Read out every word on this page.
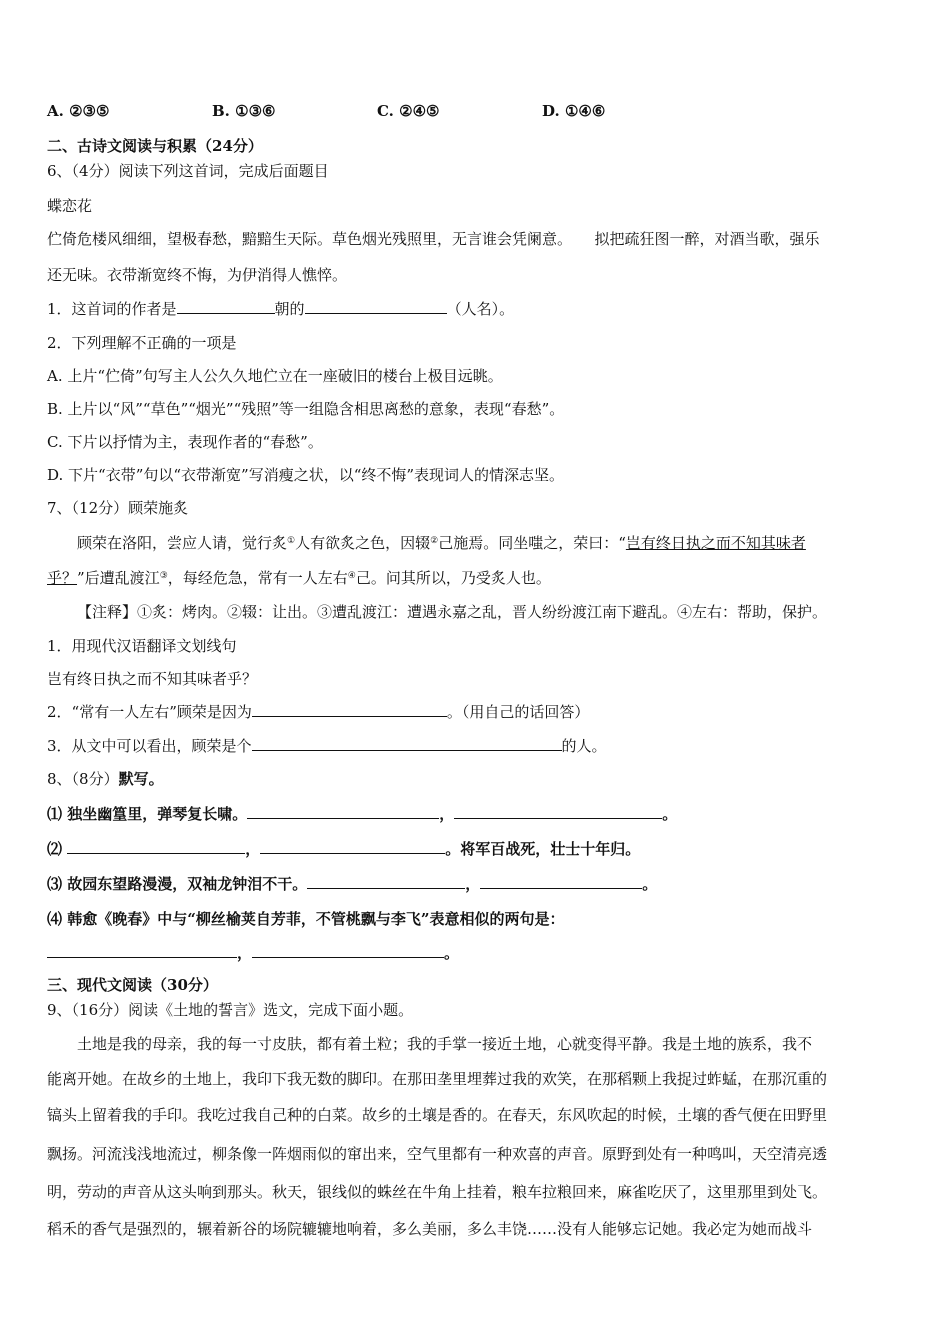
A. ②③⑤	B. ①③⑥	C. ②④⑤	D. ①④⑥
二、古诗文阅读与积累（24分）
6、（4分）阅读下列这首词，完成后面题目
蝶恋花
伫倚危楼风细细，望极春愁，黯黯生天际。草色烟光残照里，无言谁会凭阑意。　　拟把疏狂图一醉，对酒当歌，强乐
还无味。衣带渐宽终不悔，为伊消得人憔悴。
1．这首词的作者是	朝的	（人名）。
2．下列理解不正确的一项是
A. 上片“伫倚”句写主人公久久地伫立在一座破旧的楼台上极目远眺。
B. 上片以“风”“草色”“烟光”“残照”等一组隐含相思离愁的意象，表现“春愁”。
C. 下片以抒情为主，表现作者的“春愁”。
D. 下片“衣带”句以“衣带渐宽”写消瘦之状，以“终不悔”表现词人的情深志坚。
7、（12分）顾荣施炙
顾荣在洛阳，尝应人请，觉行炙①人有欲炙之色，因辍②己施焉。同坐嗤之，荣曰：“岂有终日执之而不知其味者
乎？”后遭乱渡江③，每经危急，常有一人左右④己。问其所以，乃受炙人也。
【注释】①炙：烤肉。②辍：让出。③遭乱渡江：遭遇永嘉之乱，晋人纷纷渡江南下避乱。④左右：帮助，保护。
1．用现代汉语翻译文划线句
岂有终日执之而不知其味者乎？
2．“常有一人左右”顾荣是因为	。（用自己的话回答）
3．从文中可以看出，顾荣是个	的人。
8、（8分）默写。
⑴ 独坐幽篁里，弹琴复长啸。	，	。
⑵	，	。将军百战死，壮士十年归。
⑶ 故园东望路漫漫，双袖龙钟泪不干。	，	。
⑷ 韩愈《晚春》中与“柳丝榆荚自芳菲，不管桃飘与李飞”表意相似的两句是：
，	。
三、现代文阅读（30分）
9、（16分）阅读《土地的誓言》选文，完成下面小题。
土地是我的母亲，我的每一寸皮肤，都有着土粒；我的手掌一接近土地，心就变得平静。我是土地的族系，我不
能离开她。在故乡的土地上，我印下我无数的脚印。在那田垄里埋葬过我的欢笑，在那稻颗上我捉过蚱蜢，在那沉重的
镐头上留着我的手印。我吃过我自己种的白菜。故乡的土壤是香的。在春天，东风吹起的时候，土壤的香气便在田野里
飘扬。河流浅浅地流过，柳条像一阵烟雨似的窜出来，空气里都有一种欢喜的声音。原野到处有一种鸣叫，天空清亮透
明，劳动的声音从这头响到那头。秋天，银线似的蛛丝在牛角上挂着，粮车拉粮回来，麻雀吃厌了，这里那里到处飞。
稻禾的香气是强烈的，辗着新谷的场院辘辘地响着，多么美丽，多么丰饶……没有人能够忘记她。我必定为她而战斗
